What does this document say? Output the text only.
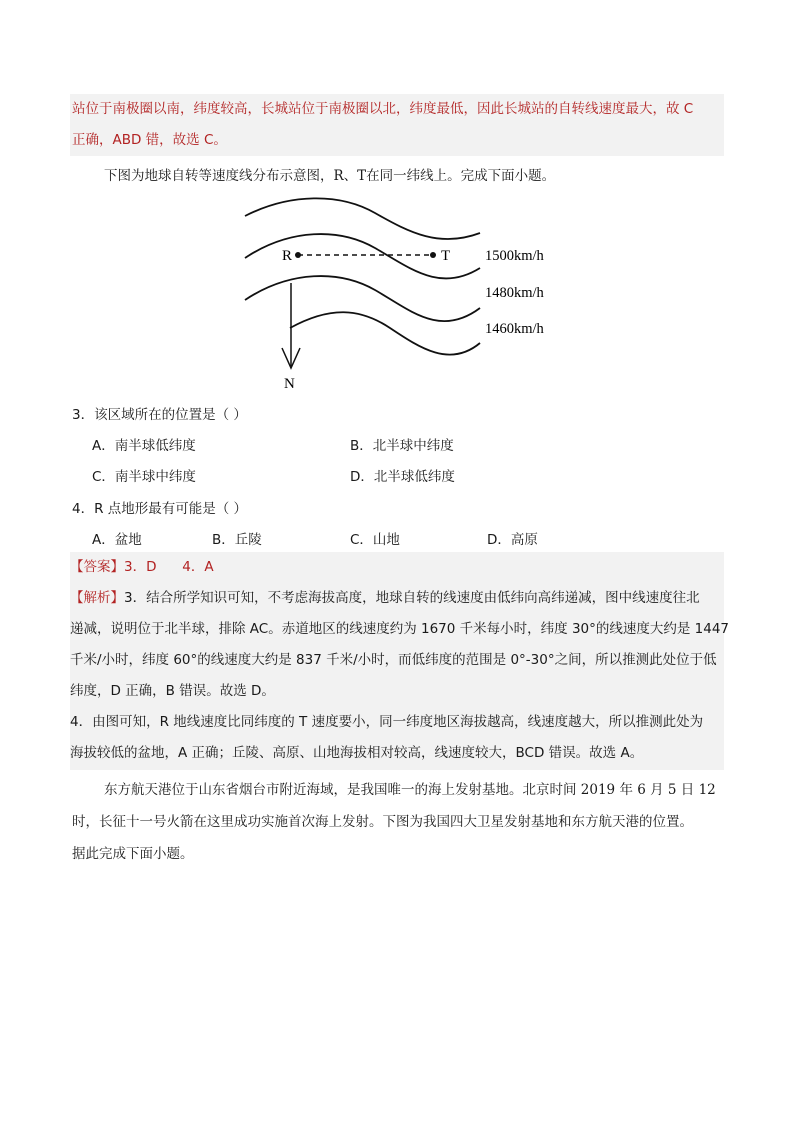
站位于南极圈以南，纬度较高，长城站位于南极圈以北，纬度最低，因此长城站的自转线速度最大，故 C
正确，ABD 错，故选 C。
下图为地球自转等速度线分布示意图，R、T在同一纬线上。完成下面小题。
R	T 1500km/h
1480km/h
1460km/h
N
3．该区域所在的位置是（ ）
A．南半球低纬度	B．北半球中纬度
C．南半球中纬度	D．北半球低纬度
4．R 点地形最有可能是（ ）
A．盆地	B．丘陵	C．山地	D．高原
【答案】3．D      4．A
【解析】3．结合所学知识可知，不考虑海拔高度，地球自转的线速度由低纬向高纬递减，图中线速度往北
递减，说明位于北半球，排除 AC。赤道地区的线速度约为 1670 千米每小时，纬度 30°的线速度大约是 1447
千米/小时，纬度 60°的线速度大约是 837 千米/小时，而低纬度的范围是 0°-30°之间，所以推测此处位于低
纬度，D 正确，B 错误。故选 D。
4．由图可知，R 地线速度比同纬度的 T 速度要小，同一纬度地区海拔越高，线速度越大，所以推测此处为
海拔较低的盆地，A 正确；丘陵、高原、山地海拔相对较高，线速度较大，BCD 错误。故选 A。
东方航天港位于山东省烟台市附近海域，是我国唯一的海上发射基地。北京时间 2019 年 6 月 5 日 12
时，长征十一号火箭在这里成功实施首次海上发射。下图为我国四大卫星发射基地和东方航天港的位置。
据此完成下面小题。
